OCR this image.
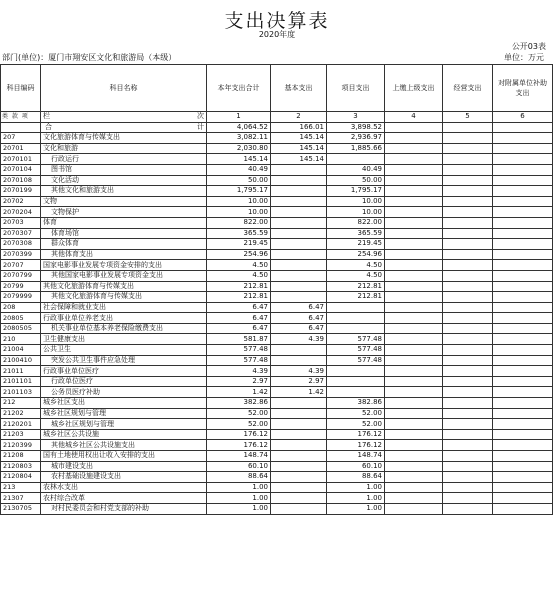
支出决算表
2020年度
公开03表
部门(单位)：厦门市翔安区文化和旅游局（本级）	单位：万元
科目编码	科目名称	本年支出合计	基本支出	项目支出	上缴上级支出	经营支出	对附属单位补助支出
类 款 项	栏 次	1	2	3	4	5	6
	合 计	4,064.52	166.01	3,898.52			
207	文化旅游体育与传媒支出	3,082.11	145.14	2,936.97			
20701	文化和旅游	2,030.80	145.14	1,885.66			
2070101	行政运行	145.14	145.14				
2070104	图书馆	40.49		40.49			
2070108	文化活动	50.00		50.00			
2070199	其他文化和旅游支出	1,795.17		1,795.17			
20702	文物	10.00		10.00			
2070204	文物保护	10.00		10.00			
20703	体育	822.00		822.00			
2070307	体育场馆	365.59		365.59			
2070308	群众体育	219.45		219.45			
2070399	其他体育支出	254.96		254.96			
20707	国家电影事业发展专项资金安排的支出	4.50		4.50			
2070799	其他国家电影事业发展专项资金支出	4.50		4.50			
20799	其他文化旅游体育与传媒支出	212.81		212.81			
2079999	其他文化旅游体育与传媒支出	212.81		212.81			
208	社会保障和就业支出	6.47	6.47				
20805	行政事业单位养老支出	6.47	6.47				
2080505	机关事业单位基本养老保险缴费支出	6.47	6.47				
210	卫生健康支出	581.87	4.39	577.48			
21004	公共卫生	577.48		577.48			
2100410	突发公共卫生事件应急处理	577.48		577.48			
21011	行政事业单位医疗	4.39	4.39				
2101101	行政单位医疗	2.97	2.97				
2101103	公务员医疗补助	1.42	1.42				
212	城乡社区支出	382.86		382.86			
21202	城乡社区规划与管理	52.00		52.00			
2120201	城乡社区规划与管理	52.00		52.00			
21203	城乡社区公共设施	176.12		176.12			
2120399	其他城乡社区公共设施支出	176.12		176.12			
21208	国有土地使用权出让收入安排的支出	148.74		148.74			
2120803	城市建设支出	60.10		60.10			
2120804	农村基础设施建设支出	88.64		88.64			
213	农林水支出	1.00		1.00			
21307	农村综合改革	1.00		1.00			
2130705	对村民委员会和村党支部的补助	1.00		1.00			
